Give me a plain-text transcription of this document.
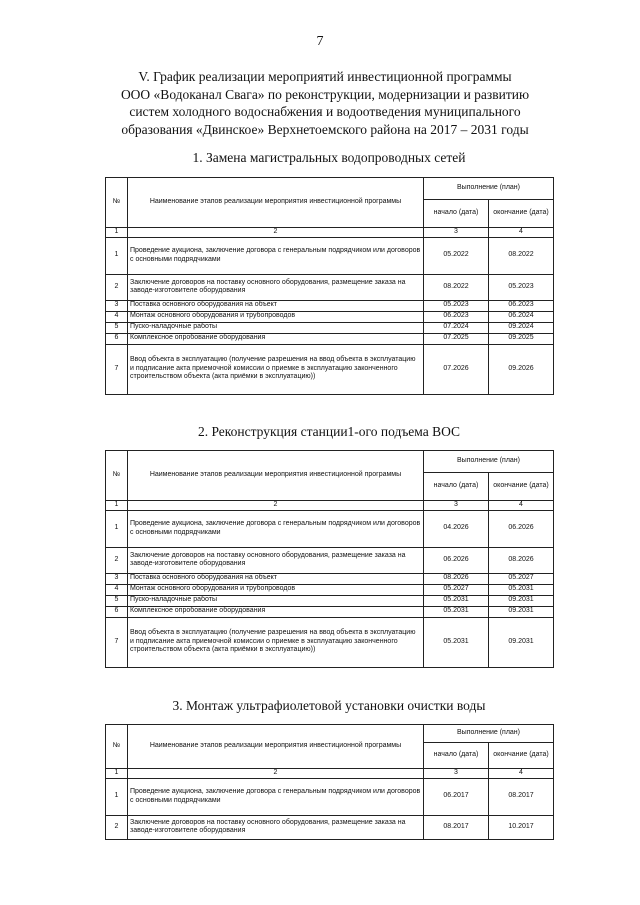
7
V. График реализации мероприятий инвестиционной программы
ООО «Водоканал Свага» по реконструкции, модернизации и развитию
систем холодного водоснабжения и водоотведения муниципального
образования «Двинское» Верхнетоемского района на 2017 – 2031 годы
1. Замена магистральных водопроводных сетей
№	Наименование этапов реализации мероприятия инвестиционной программы	Выполнение (план)	
		начало (дата)	окончание (дата)
1	2	3	4
1	Проведение аукциона, заключение договора с генеральным подрядчиком или договоров с основными подрядчиками	05.2022	08.2022
2	Заключение договоров на поставку основного оборудования, размещение заказа на заводе-изготовителе оборудования	08.2022	05.2023
3	Поставка основного оборудования на объект	05.2023	06.2023
4	Монтаж основного оборудования и трубопроводов	06.2023	06.2024
5	Пуско-наладочные работы	07.2024	09.2024
6	Комплексное опробование оборудования	07.2025	09.2025
7	Ввод объекта в эксплуатацию (получение разрешения на ввод объекта в эксплуатацию и подписание акта приемочной комиссии о приемке в эксплуатацию законченного строительством объекта (акта приёмки в эксплуатацию))	07.2026	09.2026
2. Реконструкция станции1-ого подъема ВОС
№	Наименование этапов реализации мероприятия инвестиционной программы	Выполнение (план)	
		начало (дата)	окончание (дата)
1	2	3	4
1	Проведение аукциона, заключение договора с генеральным подрядчиком или договоров с основными подрядчиками	04.2026	06.2026
2	Заключение договоров на поставку основного оборудования, размещение заказа на заводе-изготовителе оборудования	06.2026	08.2026
3	Поставка основного оборудования на объект	08.2026	05.2027
4	Монтаж основного оборудования и трубопроводов	05.2027	05.2031
5	Пуско-наладочные работы	05.2031	09.2031
6	Комплексное опробование оборудования	05.2031	09.2031
7	Ввод объекта в эксплуатацию (получение разрешения на ввод объекта в эксплуатацию и подписание акта приемочной комиссии о приемке в эксплуатацию законченного строительством объекта (акта приёмки в эксплуатацию))	05.2031	09.2031
3. Монтаж ультрафиолетовой установки очистки воды
№	Наименование этапов реализации мероприятия инвестиционной программы	Выполнение (план)	
		начало (дата)	окончание (дата)
1	2	3	4
1	Проведение аукциона, заключение договора с генеральным подрядчиком или договоров с основными подрядчиками	06.2017	08.2017
2	Заключение договоров на поставку основного оборудования, размещение заказа на заводе-изготовителе оборудования	08.2017	10.2017
